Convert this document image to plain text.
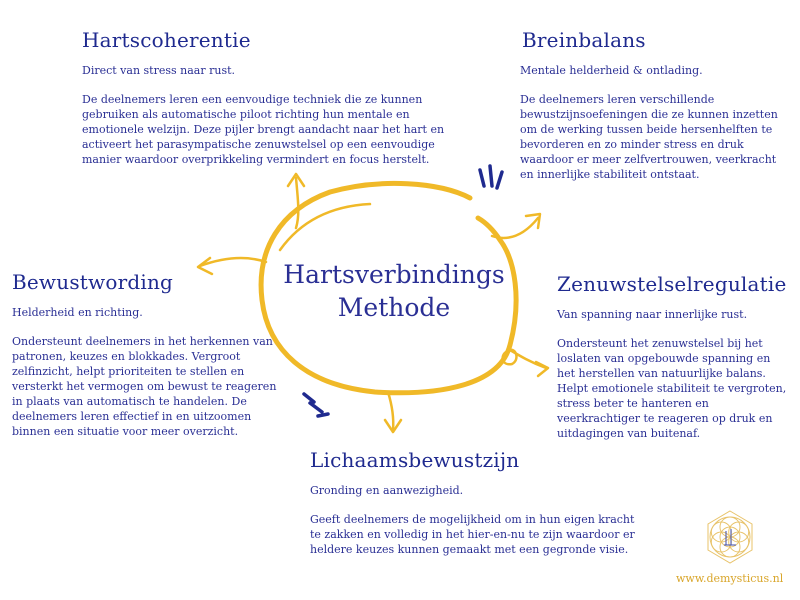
Hartsverbindings
Methode
Hartscoherentie

Direct van stress naar rust.

De deelnemers leren een eenvoudige techniek die ze kunnen gebruiken als automatische piloot richting hun mentale en emotionele welzijn. Deze pijler brengt aandacht naar het hart en activeert het parasympatische zenuwstelsel op een eenvoudige manier waardoor overprikkeling vermindert en focus herstelt.

Breinbalans

Mentale helderheid & ontlading.

De deelnemers leren verschillende bewustzijnsoefeningen die ze kunnen inzetten om de werking tussen beide hersenhelften te bevorderen en zo minder stress en druk waardoor er meer zelfvertrouwen, veerkracht en innerlijke stabiliteit ontstaat.

Bewustwording

Helderheid en richting.

Ondersteunt deelnemers in het herkennen van patronen, keuzes en blokkades. Vergroot zelfinzicht, helpt prioriteiten te stellen en versterkt het vermogen om bewust te reageren in plaats van automatisch te handelen. De deelnemers leren effectief in en uitzoomen binnen een situatie voor meer overzicht.

Zenuwstelselregulatie

Van spanning naar innerlijke rust.

Ondersteunt het zenuwstelsel bij het loslaten van opgebouwde spanning en het herstellen van natuurlijke balans. Helpt emotionele stabiliteit te vergroten, stress beter te hanteren en veerkrachtiger te reageren op druk en uitdagingen van buitenaf.

Lichaamsbewustzijn

Gronding en aanwezigheid.

Geeft deelnemers de mogelijkheid om in hun eigen kracht te zakken en volledig in het hier-en-nu te zijn waardoor er heldere keuzes kunnen gemaakt met een gegronde visie.

www.demysticus.nl
